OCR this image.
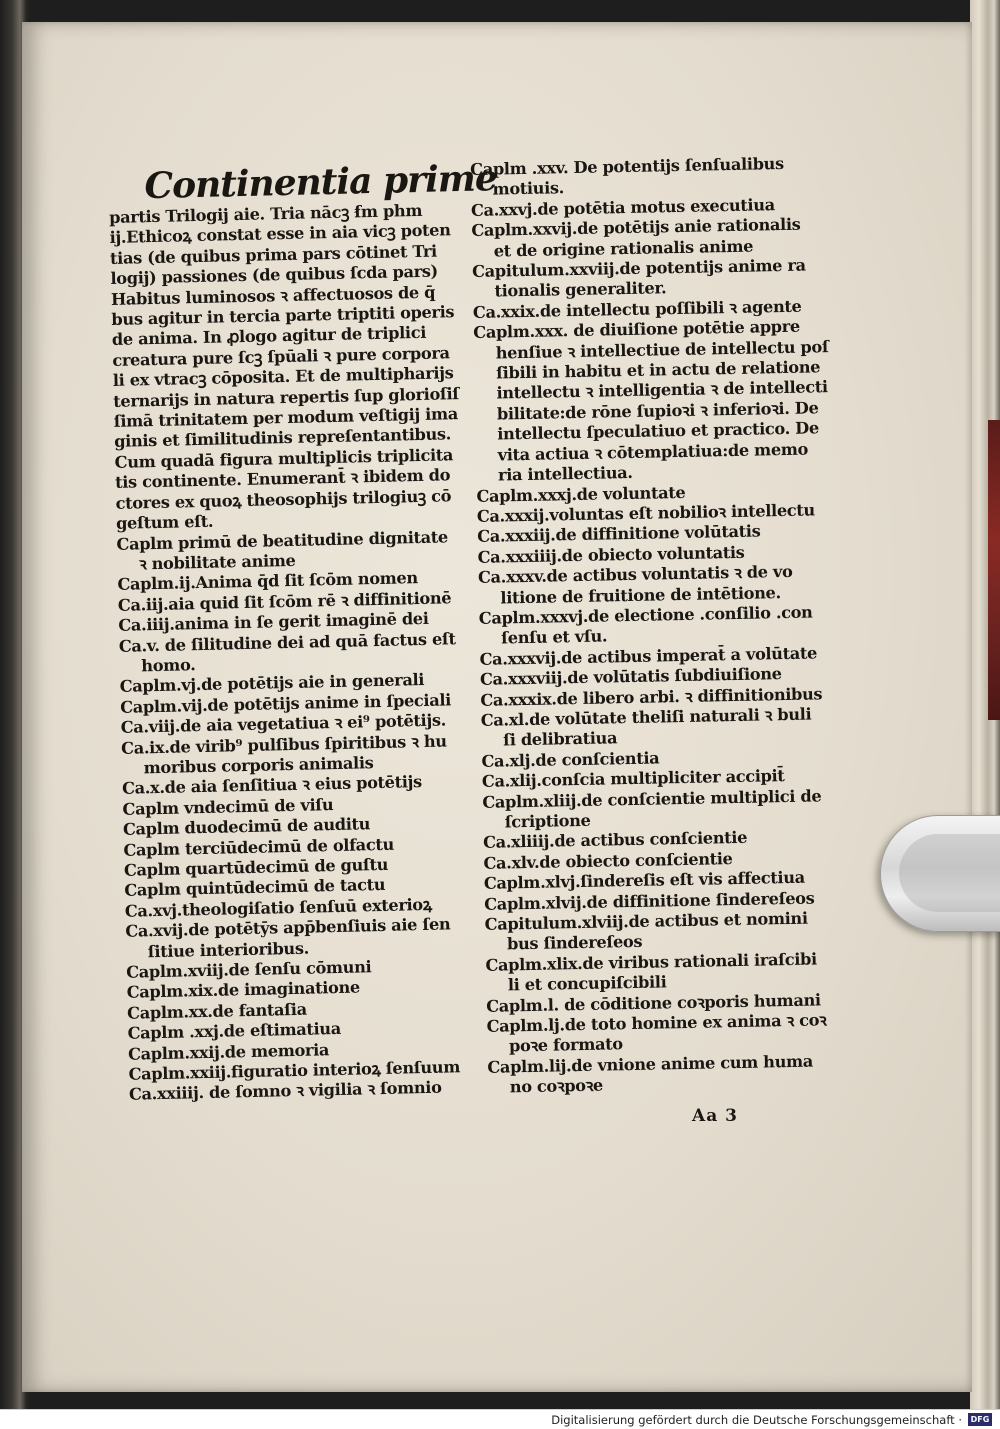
Continentia prime
partis Trilogij aie. Tria nācꝫ ẜm phm
ij.Ethicoꝝ constat esse in aia vicꝫ poten
tias (de quibus prima pars cōtinet Tri
logij) passiones (de quibus ſcda pars)
Habitus luminosos ꝛ affectuosos de q̄
bus agitur in tercia parte triptiti operis
de anima. In ꝓlogo agitur de triplici
creatura pure ſcꝫ ſpūali ꝛ pure corpora
li ex vtracꝫ cōposita. Et de multipharijs
ternarijs in natura repertis ſup glorioſiſ
ſimā trinitatem per modum veſtigij ima
ginis et ſimilitudinis repreſentantibus.
Cum quadā figura multiplicis triplicita
tis continente. Enumerant̄ ꝛ ibidem do
ctores ex quoꝝ theosophijs trilogiuꝫ cō
geſtum eſt.
Caplm primū de beatitudine dignitate
ꝛ nobilitate anime
Caplm.ij.Anima q̄d ſit ſcōm nomen
Ca.iij.aia quid ſit ſcōm rē ꝛ diffinitionē
Ca.iiij.anima in ſe gerit imaginē dei
Ca.v. de ſilitudine dei ad quā factus eſt
homo.
Caplm.vj.de potētijs aie in generali
Caplm.vij.de potētijs anime in ſpeciali
Ca.viij.de aia vegetatiua ꝛ ei⁹ potētijs.
Ca.ix.de virib⁹ pulſibus ſpiritibus ꝛ hu
moribus corporis animalis
Ca.x.de aia ſenſitiua ꝛ eius potētijs
Caplm vndecimū de viſu
Caplm duodecimū de auditu
Caplm terciūdecimū de olfactu
Caplm quartūdecimū de guſtu
Caplm quintūdecimū de tactu
Ca.xvj.theologiſatio ſenſuū exterioꝝ
Ca.xvij.de potētȳs app̄benſiuis aie ſen
ſitiue interioribus.
Caplm.xviij.de ſenſu cōmuni
Caplm.xix.de imaginatione
Caplm.xx.de fantaſia
Caplm .xxj.de eſtimatiua
Caplm.xxij.de memoria
Caplm.xxiij.figuratio interioꝝ ſenſuum
Ca.xxiiij. de ſomno ꝛ vigilia ꝛ ſomnio
Caplm .xxv. De potentijs ſenſualibus
motiuis.
Ca.xxvj.de potētia motus executiua
Caplm.xxvij.de potētijs anie rationalis
et de origine rationalis anime
Capitulum.xxviij.de potentijs anime ra
tionalis generaliter.
Ca.xxix.de intellectu poſſibili ꝛ agente
Caplm.xxx. de diuiſione potētie appre
henſiue ꝛ intellectiue de intellectu poſ
ſibili in habitu et in actu de relatione
intellectu ꝛ intelligentia ꝛ de intellecti
bilitate:de rōne ſupioꝛi ꝛ inferioꝛi. De
intellectu ſpeculatiuo et practico. De
vita actiua ꝛ cōtemplatiua:de memo
ria intellectiua.
Caplm.xxxj.de voluntate
Ca.xxxij.voluntas eſt nobilioꝛ intellectu
Ca.xxxiij.de diffinitione volūtatis
Ca.xxxiiij.de obiecto voluntatis
Ca.xxxv.de actibus voluntatis ꝛ de vo
litione de fruitione de intētione.
Caplm.xxxvj.de electione .conſilio .con
ſenſu et vſu.
Ca.xxxvij.de actibus imperat̄ a volūtate
Ca.xxxviij.de volūtatis ſubdiuiſione
Ca.xxxix.de libero arbi. ꝛ diffinitionibus
Ca.xl.de volūtate theliſi naturali ꝛ buli
ſi delibratiua
Ca.xlj.de conſcientia
Ca.xlij.conſcia multipliciter accipit̄
Caplm.xliij.de conſcientie multiplici de
ſcriptione
Ca.xliiij.de actibus conſcientie
Ca.xlv.de obiecto conſcientie
Caplm.xlvj.ſindereſis eſt vis affectiua
Caplm.xlvij.de diffinitione ſindereſeos
Capitulum.xlviij.de actibus et nomini
bus ſindereſeos
Caplm.xlix.de viribus rationali iraſcibi
li et concupiſcibili
Caplm.l. de cōditione coꝛporis humani
Caplm.lj.de toto homine ex anima ꝛ coꝛ
poꝛe formato
Caplm.lij.de vnione anime cum huma
no coꝛpoꝛe
Aa 3
Digitalisierung gefördert durch die Deutsche Forschungsgemeinschaft ·	DFG
